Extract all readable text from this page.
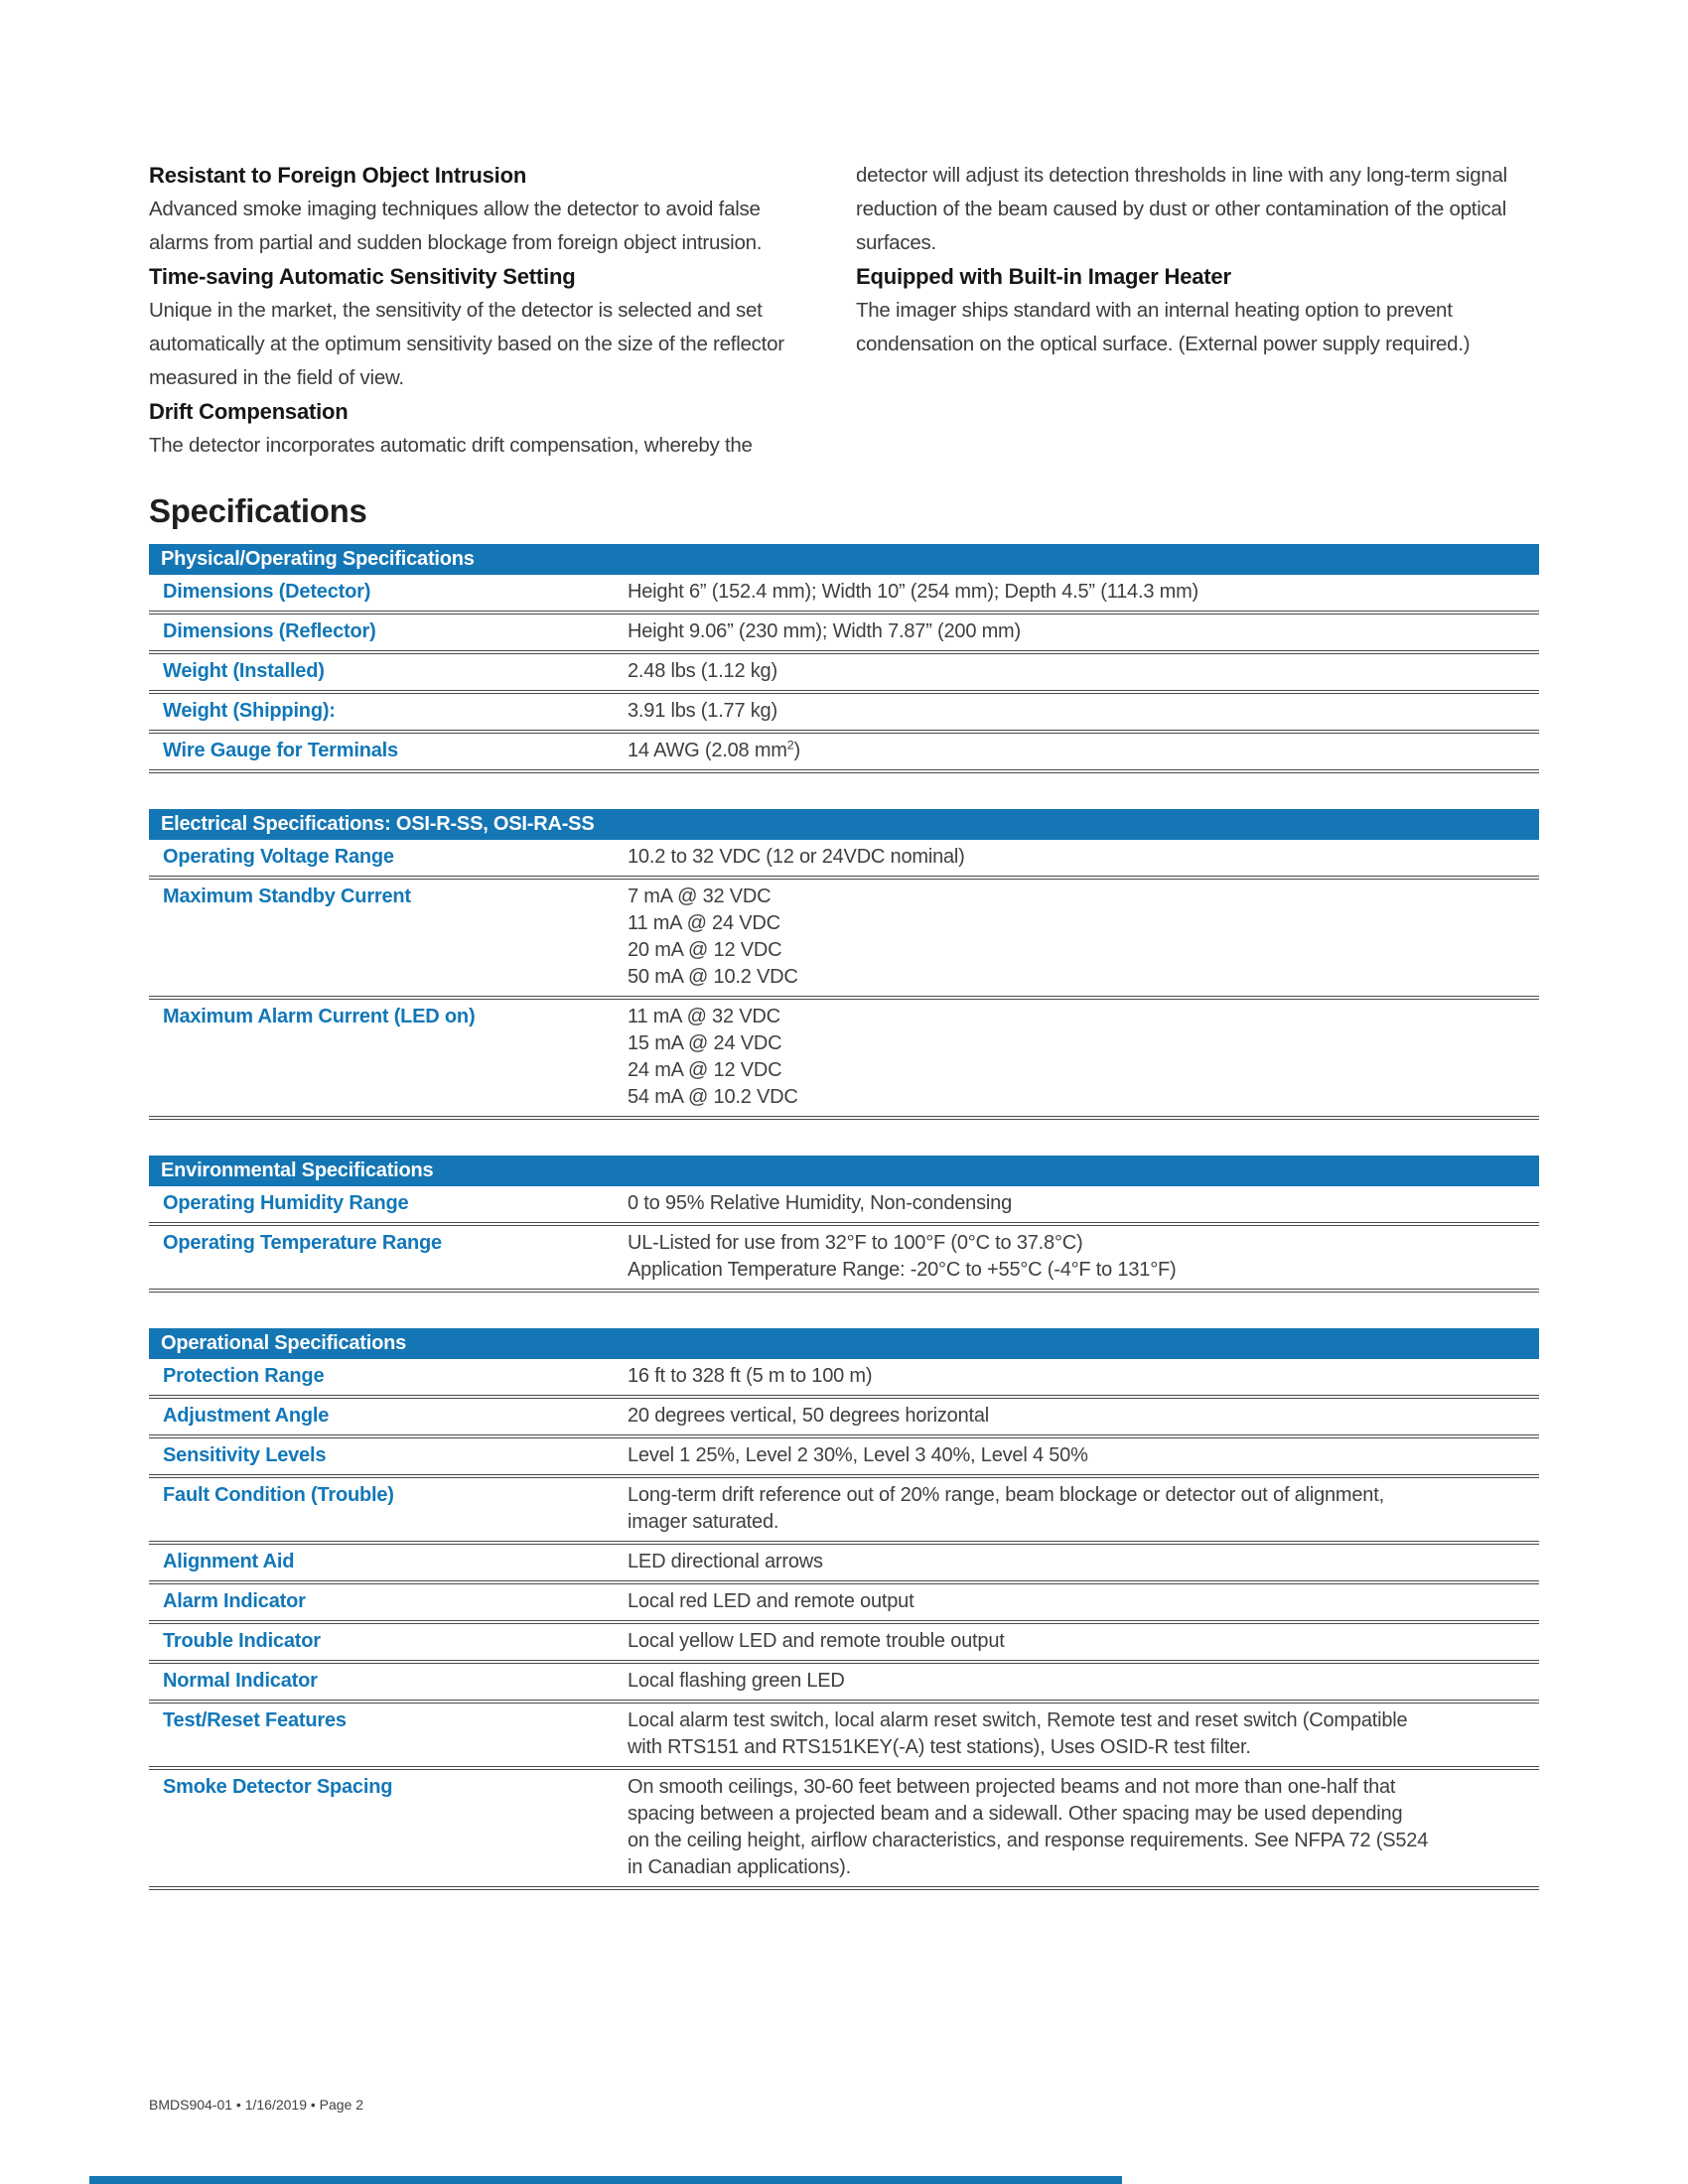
Resistant to Foreign Object Intrusion
Advanced smoke imaging techniques allow the detector to avoid false alarms from partial and sudden blockage from foreign object intrusion.
Time-saving Automatic Sensitivity Setting
Unique in the market, the sensitivity of the detector is selected and set automatically at the optimum sensitivity based on the size of the reflector measured in the field of view.
Drift Compensation
The detector incorporates automatic drift compensation, whereby the
detector will adjust its detection thresholds in line with any long-term signal reduction of the beam caused by dust or other contamination of the optical surfaces.
Equipped with Built-in Imager Heater
The imager ships standard with an internal heating option to prevent condensation on the optical surface. (External power supply required.)
Specifications
Physical/Operating Specifications
Dimensions (Detector)	Height 6” (152.4 mm); Width 10” (254 mm); Depth 4.5” (114.3 mm)
Dimensions (Reflector)	Height 9.06” (230 mm); Width 7.87” (200 mm)
Weight (Installed)	2.48 lbs (1.12 kg)
Weight (Shipping):	3.91 lbs (1.77 kg)
Wire Gauge for Terminals	14 AWG (2.08 $mm^2$)
Electrical Specifications: OSI-R-SS, OSI-RA-SS
Operating Voltage Range	10.2 to 32 VDC (12 or 24VDC nominal)
Maximum Standby Current	7 mA @ 32 VDC
11 mA @ 24 VDC
20 mA @ 12 VDC
50 mA @ 10.2 VDC
Maximum Alarm Current (LED on)	11 mA @ 32 VDC
15 mA @ 24 VDC
24 mA @ 12 VDC
54 mA @ 10.2 VDC
Environmental Specifications
Operating Humidity Range	0 to 95% Relative Humidity, Non-condensing
Operating Temperature Range	UL-Listed for use from 32°F to 100°F (0°C to 37.8°C)
Application Temperature Range: -20°C to +55°C (-4°F to 131°F)
Operational Specifications
Protection Range	16 ft to 328 ft (5 m to 100 m)
Adjustment Angle	20 degrees vertical, 50 degrees horizontal
Sensitivity Levels	Level 1 25%, Level 2 30%, Level 3 40%, Level 4 50%
Fault Condition (Trouble)	Long-term drift reference out of 20% range, beam blockage or detector out of alignment,
imager saturated.
Alignment Aid	LED directional arrows
Alarm Indicator	Local red LED and remote output
Trouble Indicator	Local yellow LED and remote trouble output
Normal Indicator	Local flashing green LED
Test/Reset Features	Local alarm test switch, local alarm reset switch, Remote test and reset switch (Compatible
with RTS151 and RTS151KEY(-A) test stations), Uses OSID-R test filter.
Smoke Detector Spacing	On smooth ceilings, 30-60 feet between projected beams and not more than one-half that
spacing between a projected beam and a sidewall. Other spacing may be used depending
on the ceiling height, airflow characteristics, and response requirements. See NFPA 72 (S524
in Canadian applications).
BMDS904-01 • 1/16/2019 • Page 2
